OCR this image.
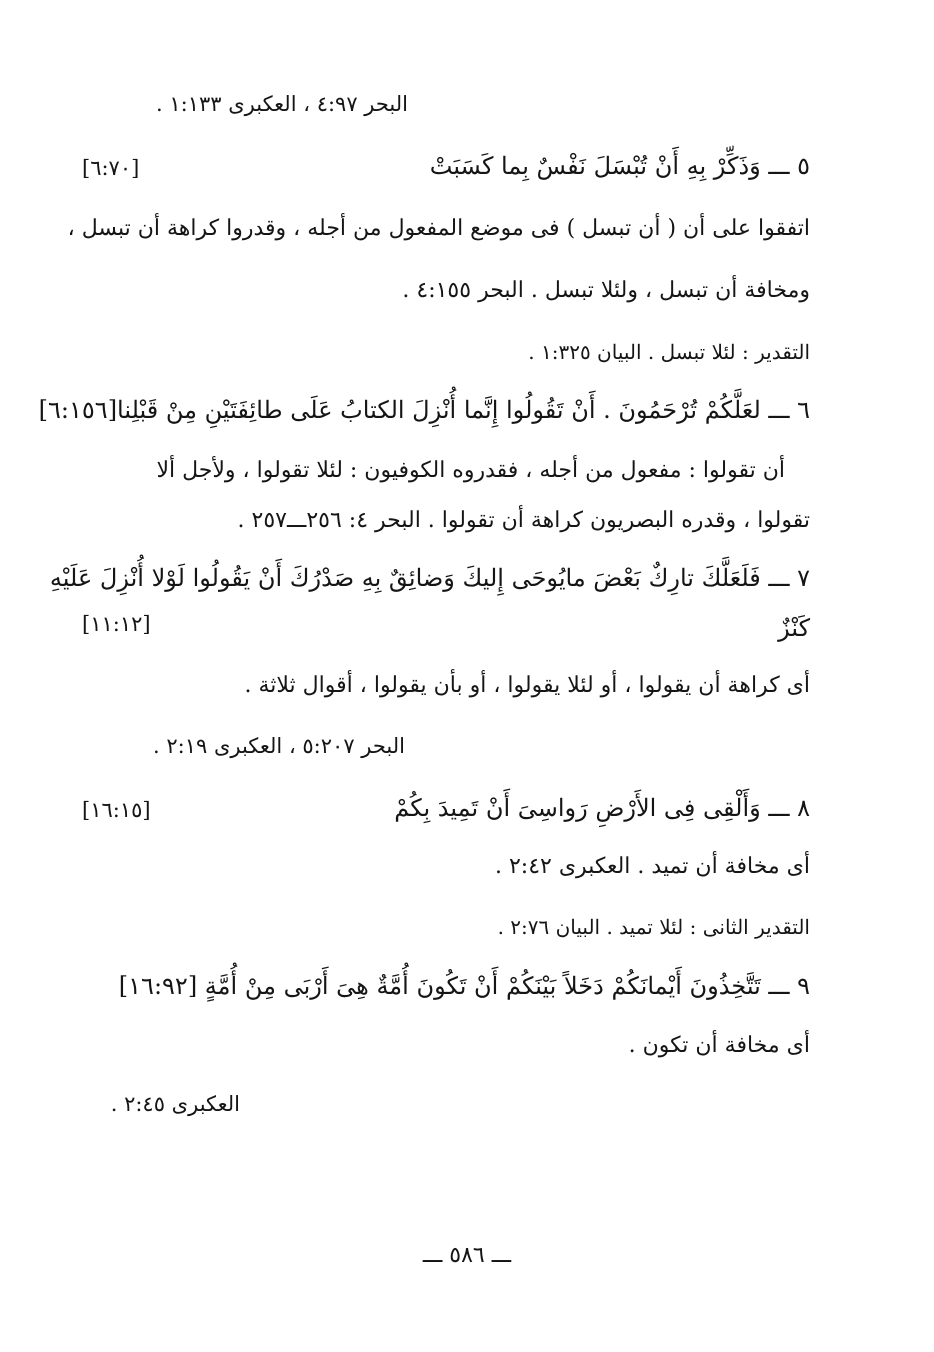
البحر ٤:٩٧ ، العكبرى ١:١٣٣ .
٥ ـــ وَذَكِّرْ بِهِ أَنْ تُبْسَلَ نَفْسٌ بِما كَسَبَتْ
[٦:٧٠]
اتفقوا على أن ( أن تبسل ) فى موضع المفعول من أجله ، وقدروا كراهة أن تبسل ،
ومخافة أن تبسل ، ولئلا تبسل . البحر ٤:١٥٥ .
التقدير : لئلا تبسل . البيان ١:٣٢٥ .
٦ ـــ لعَلَّكُمْ تُرْحَمُونَ . أَنْ تَقُولُوا إِنَّما أُنْزِلَ الكتابُ عَلَى طائِفَتَيْنِ مِنْ قَبْلِنا[٦:١٥٦]
أن تقولوا : مفعول من أجله ، فقدروه الكوفيون : لئلا تقولوا ، ولأجل ألا
تقولوا ، وقدره البصريون كراهة أن تقولوا . البحر ٤: ٢٥٦ـــ٢٥٧ .
٧ ـــ فَلَعَلَّكَ تارِكٌ بَعْضَ مايُوحَى إِليكَ وَضائِقٌ بِهِ صَدْرُكَ أَنْ يَقُولُوا لَوْلا أُنْزِلَ عَلَيْهِ
كَنْزٌ
[١١:١٢]
أى كراهة أن يقولوا ، أو لئلا يقولوا ، أو بأن يقولوا ، أقوال ثلاثة .
البحر ٥:٢٠٧ ، العكبرى ٢:١٩ .
٨ ـــ وَأَلْقِى فِى الأَرْضِ رَواسِىَ أَنْ تَمِيدَ بِكُمْ
[١٦:١٥]
أى مخافة أن تميد . العكبرى ٢:٤٢ .
التقدير الثانى : لئلا تميد . البيان ٢:٧٦ .
٩ ـــ تَتَّخِذُونَ أَيْمانَكُمْ دَخَلاً بَيْنَكُمْ أَنْ تَكُونَ أُمَّةٌ هِىَ أَرْبَى مِنْ أُمَّةٍ [١٦:٩٢]
أى مخافة أن تكون .
العكبرى ٢:٤٥ .
ـــ ٥٨٦ ـــ
